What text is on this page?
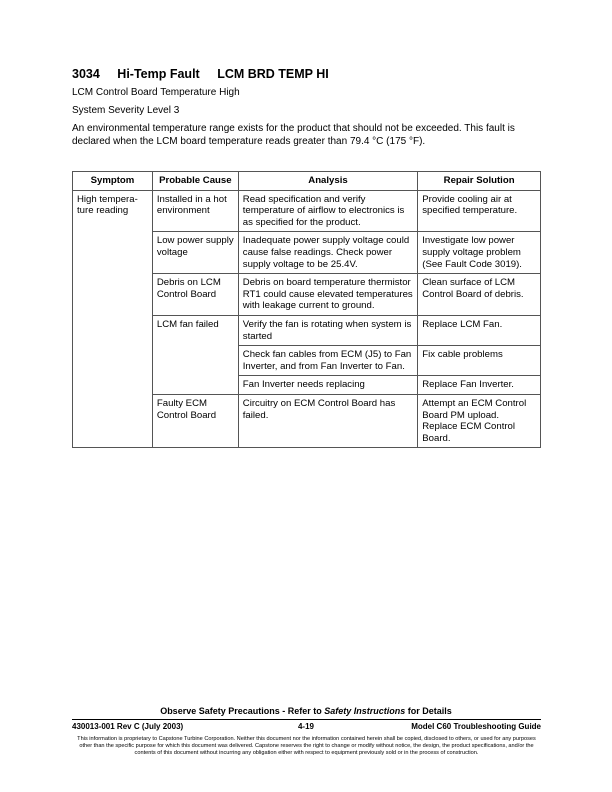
3034 Hi-Temp Fault LCM BRD TEMP HI
LCM Control Board Temperature High
System Severity Level 3
An environmental temperature range exists for the product that should not be exceeded. This fault is declared when the LCM board temperature reads greater than 79.4 °C (175 °F).
Symptom	Probable Cause	Analysis	Repair Solution
High tempera-ture reading	Installed in a hot environment	Read specification and verify temperature of airflow to electronics is as specified for the product.	Provide cooling air at specified temperature.
	Low power supply voltage	Inadequate power supply voltage could cause false readings. Check power supply voltage to be 25.4V.	Investigate low power supply voltage problem (See Fault Code 3019).
	Debris on LCM Control Board	Debris on board temperature thermistor RT1 could cause elevated temperatures with leakage current to ground.	Clean surface of LCM Control Board of debris.
	LCM fan failed	Verify the fan is rotating when system is started	Replace LCM Fan.
		Check fan cables from ECM (J5) to Fan Inverter, and from Fan Inverter to Fan.	Fix cable problems
		Fan Inverter needs replacing	Replace Fan Inverter.
	Faulty ECM Control Board	Circuitry on ECM Control Board has failed.	Attempt an ECM Control Board PM upload. Replace ECM Control Board.
Observe Safety Precautions - Refer to Safety Instructions for Details
430013-001 Rev C (July 2003)	4-19	Model C60 Troubleshooting Guide
This information is proprietary to Capstone Turbine Corporation. Neither this document nor the information contained herein shall be copied, disclosed to others, or used for any purposes other than the specific purpose for which this document was delivered. Capstone reserves the right to change or modify without notice, the design, the product specifications, and/or the contents of this document without incurring any obligation either with respect to equipment previously sold or in the process of construction.
